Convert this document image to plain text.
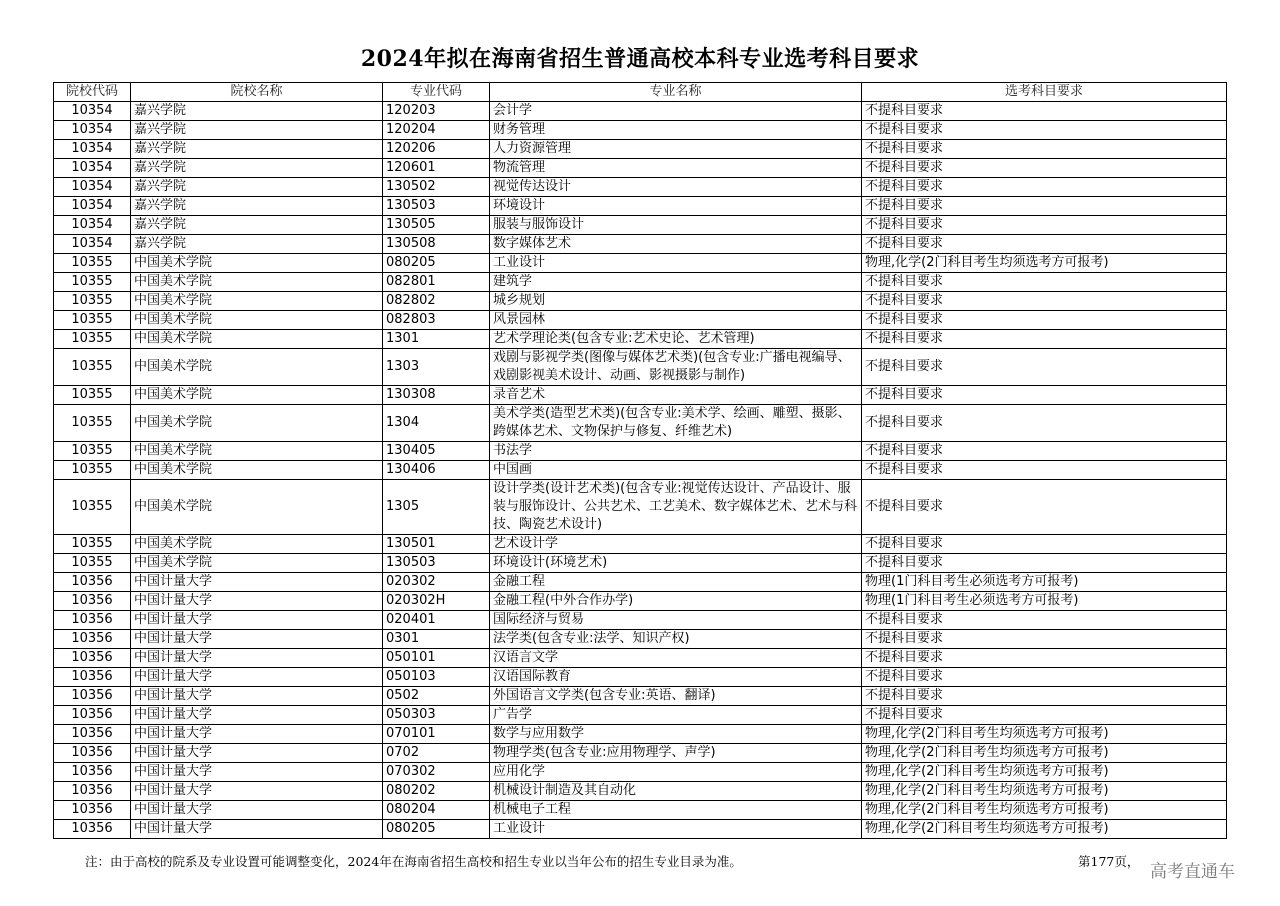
2024年拟在海南省招生普通高校本科专业选考科目要求
院校代码	院校名称	专业代码	专业名称	选考科目要求
10354	嘉兴学院	120203	会计学	不提科目要求
10354	嘉兴学院	120204	财务管理	不提科目要求
10354	嘉兴学院	120206	人力资源管理	不提科目要求
10354	嘉兴学院	120601	物流管理	不提科目要求
10354	嘉兴学院	130502	视觉传达设计	不提科目要求
10354	嘉兴学院	130503	环境设计	不提科目要求
10354	嘉兴学院	130505	服装与服饰设计	不提科目要求
10354	嘉兴学院	130508	数字媒体艺术	不提科目要求
10355	中国美术学院	080205	工业设计	物理,化学(2门科目考生均须选考方可报考)
10355	中国美术学院	082801	建筑学	不提科目要求
10355	中国美术学院	082802	城乡规划	不提科目要求
10355	中国美术学院	082803	风景园林	不提科目要求
10355	中国美术学院	1301	艺术学理论类(包含专业:艺术史论、艺术管理)	不提科目要求
10355	中国美术学院	1303	戏剧与影视学类(图像与媒体艺术类)(包含专业:广播电视编导、戏剧影视美术设计、动画、影视摄影与制作)	不提科目要求
10355	中国美术学院	130308	录音艺术	不提科目要求
10355	中国美术学院	1304	美术学类(造型艺术类)(包含专业:美术学、绘画、雕塑、摄影、跨媒体艺术、文物保护与修复、纤维艺术)	不提科目要求
10355	中国美术学院	130405	书法学	不提科目要求
10355	中国美术学院	130406	中国画	不提科目要求
10355	中国美术学院	1305	设计学类(设计艺术类)(包含专业:视觉传达设计、产品设计、服装与服饰设计、公共艺术、工艺美术、数字媒体艺术、艺术与科技、陶瓷艺术设计)	不提科目要求
10355	中国美术学院	130501	艺术设计学	不提科目要求
10355	中国美术学院	130503	环境设计(环境艺术)	不提科目要求
10356	中国计量大学	020302	金融工程	物理(1门科目考生必须选考方可报考)
10356	中国计量大学	020302H	金融工程(中外合作办学)	物理(1门科目考生必须选考方可报考)
10356	中国计量大学	020401	国际经济与贸易	不提科目要求
10356	中国计量大学	0301	法学类(包含专业:法学、知识产权)	不提科目要求
10356	中国计量大学	050101	汉语言文学	不提科目要求
10356	中国计量大学	050103	汉语国际教育	不提科目要求
10356	中国计量大学	0502	外国语言文学类(包含专业:英语、翻译)	不提科目要求
10356	中国计量大学	050303	广告学	不提科目要求
10356	中国计量大学	070101	数学与应用数学	物理,化学(2门科目考生均须选考方可报考)
10356	中国计量大学	0702	物理学类(包含专业:应用物理学、声学)	物理,化学(2门科目考生均须选考方可报考)
10356	中国计量大学	070302	应用化学	物理,化学(2门科目考生均须选考方可报考)
10356	中国计量大学	080202	机械设计制造及其自动化	物理,化学(2门科目考生均须选考方可报考)
10356	中国计量大学	080204	机械电子工程	物理,化学(2门科目考生均须选考方可报考)
10356	中国计量大学	080205	工业设计	物理,化学(2门科目考生均须选考方可报考)
注：由于高校的院系及专业设置可能调整变化，2024年在海南省招生高校和招生专业以当年公布的招生专业目录为准。	第177页，
高考直通车
